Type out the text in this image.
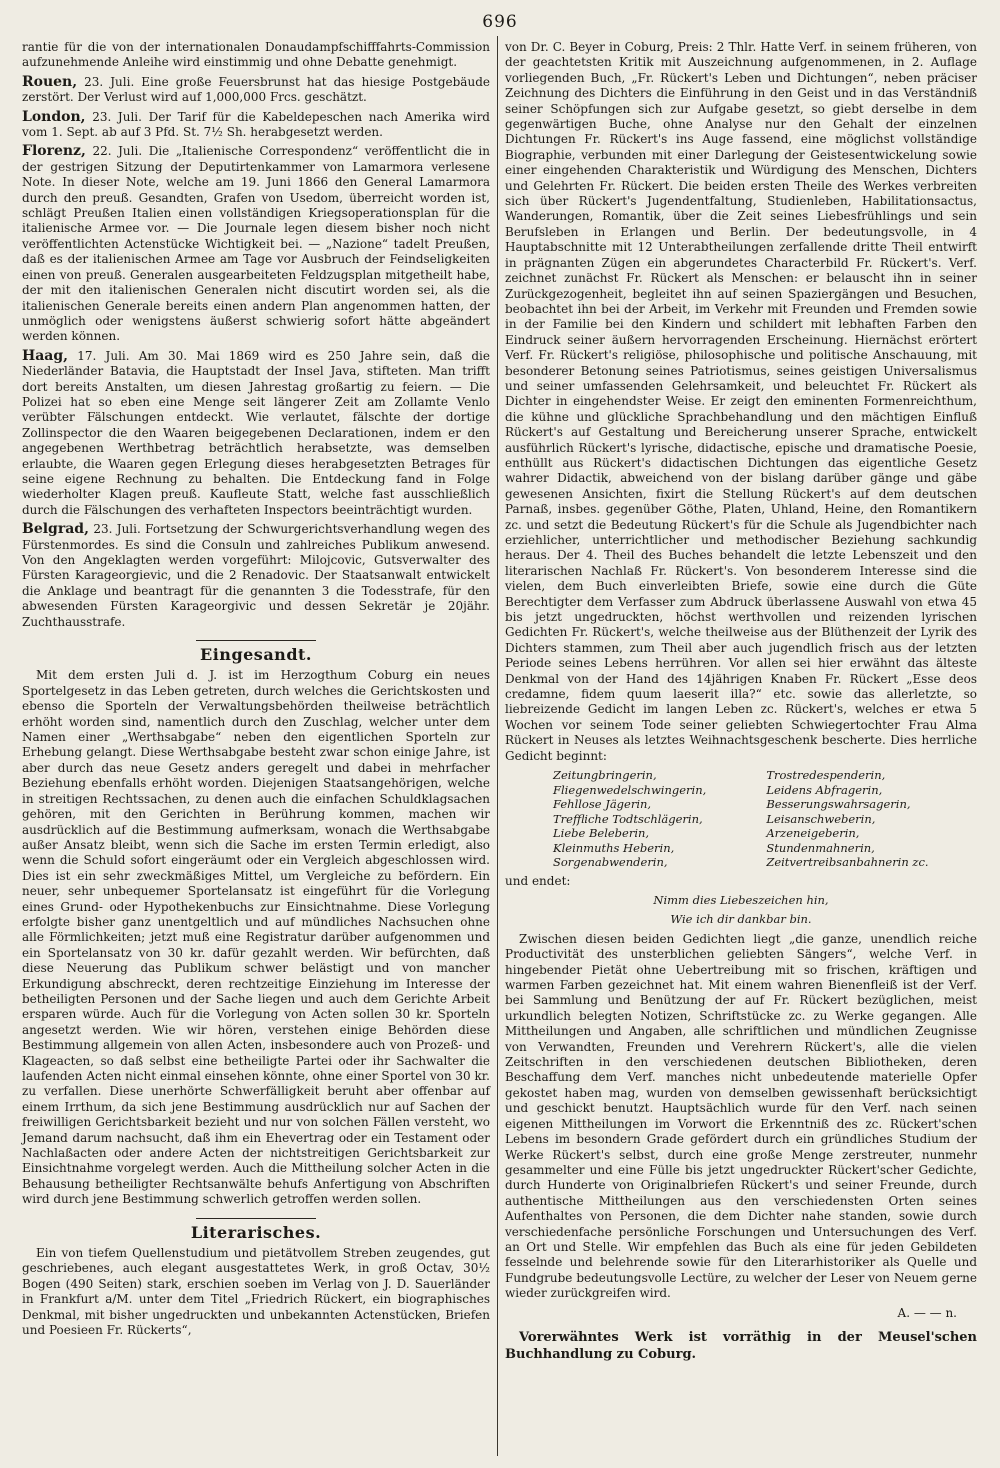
696

rantie für die von der internationalen Donaudampfschifffahrts-Commission aufzunehmende Anleihe wird einstimmig und ohne Debatte genehmigt.

Rouen, 23. Juli. Eine große Feuersbrunst hat das hiesige Postgebäude zerstört. Der Verlust wird auf 1,000,000 Frcs. geschätzt.

London, 23. Juli. Der Tarif für die Kabeldepeschen nach Amerika wird vom 1. Sept. ab auf 3 Pfd. St. 7½ Sh. herabgesetzt werden.

Florenz, 22. Juli. Die „Italienische Correspondenz“ veröffentlicht die in der gestrigen Sitzung der Deputirtenkammer von Lamarmora verlesene Note. In dieser Note, welche am 19. Juni 1866 den General Lamarmora durch den preuß. Gesandten, Grafen von Usedom, überreicht worden ist, schlägt Preußen Italien einen vollständigen Kriegsoperationsplan für die italienische Armee vor. — Die Journale legen diesem bisher noch nicht veröffentlichten Actenstücke Wichtigkeit bei. — „Nazione“ tadelt Preußen, daß es der italienischen Armee am Tage vor Ausbruch der Feindseligkeiten einen von preuß. Generalen ausgearbeiteten Feldzugsplan mitgetheilt habe, der mit den italienischen Generalen nicht discutirt worden sei, als die italienischen Generale bereits einen andern Plan angenommen hatten, der unmöglich oder wenigstens äußerst schwierig sofort hätte abgeändert werden können.

Haag, 17. Juli. Am 30. Mai 1869 wird es 250 Jahre sein, daß die Niederländer Batavia, die Hauptstadt der Insel Java, stifteten. Man trifft dort bereits Anstalten, um diesen Jahrestag großartig zu feiern. — Die Polizei hat so eben eine Menge seit längerer Zeit am Zollamte Venlo verübter Fälschungen entdeckt. Wie verlautet, fälschte der dortige Zollinspector die den Waaren beigegebenen Declarationen, indem er den angegebenen Werthbetrag beträchtlich herabsetzte, was demselben erlaubte, die Waaren gegen Erlegung dieses herabgesetzten Betrages für seine eigene Rechnung zu behalten. Die Entdeckung fand in Folge wiederholter Klagen preuß. Kaufleute Statt, welche fast ausschließlich durch die Fälschungen des verhafteten Inspectors beeinträchtigt wurden.

Belgrad, 23. Juli. Fortsetzung der Schwurgerichtsverhandlung wegen des Fürstenmordes. Es sind die Consuln und zahlreiches Publikum anwesend. Von den Angeklagten werden vorgeführt: Milojcovic, Gutsverwalter des Fürsten Karageorgievic, und die 2 Renadovic. Der Staatsanwalt entwickelt die Anklage und beantragt für die genannten 3 die Todesstrafe, für den abwesenden Fürsten Karageorgivic und dessen Sekretär je 20jähr. Zuchthausstrafe.

Eingesandt.

Mit dem ersten Juli d. J. ist im Herzogthum Coburg ein neues Sportelgesetz in das Leben getreten, durch welches die Gerichtskosten und ebenso die Sporteln der Verwaltungsbehörden theilweise beträchtlich erhöht worden sind, namentlich durch den Zuschlag, welcher unter dem Namen einer „Werthsabgabe“ neben den eigentlichen Sporteln zur Erhebung gelangt. Diese Werthsabgabe besteht zwar schon einige Jahre, ist aber durch das neue Gesetz anders geregelt und dabei in mehrfacher Beziehung ebenfalls erhöht worden. Diejenigen Staatsangehörigen, welche in streitigen Rechtssachen, zu denen auch die einfachen Schuldklagsachen gehören, mit den Gerichten in Berührung kommen, machen wir ausdrücklich auf die Bestimmung aufmerksam, wonach die Werthsabgabe außer Ansatz bleibt, wenn sich die Sache im ersten Termin erledigt, also wenn die Schuld sofort eingeräumt oder ein Vergleich abgeschlossen wird. Dies ist ein sehr zweckmäßiges Mittel, um Vergleiche zu befördern. Ein neuer, sehr unbequemer Sportelansatz ist eingeführt für die Vorlegung eines Grund- oder Hypothekenbuchs zur Einsichtnahme. Diese Vorlegung erfolgte bisher ganz unentgeltlich und auf mündliches Nachsuchen ohne alle Förmlichkeiten; jetzt muß eine Registratur darüber aufgenommen und ein Sportelansatz von 30 kr. dafür gezahlt werden. Wir befürchten, daß diese Neuerung das Publikum schwer belästigt und von mancher Erkundigung abschreckt, deren rechtzeitige Einziehung im Interesse der betheiligten Personen und der Sache liegen und auch dem Gerichte Arbeit ersparen würde. Auch für die Vorlegung von Acten sollen 30 kr. Sporteln angesetzt werden. Wie wir hören, verstehen einige Behörden diese Bestimmung allgemein von allen Acten, insbesondere auch von Prozeß- und Klageacten, so daß selbst eine betheiligte Partei oder ihr Sachwalter die laufenden Acten nicht einmal einsehen könnte, ohne einer Sportel von 30 kr. zu verfallen. Diese unerhörte Schwerfälligkeit beruht aber offenbar auf einem Irrthum, da sich jene Bestimmung ausdrücklich nur auf Sachen der freiwilligen Gerichtsbarkeit bezieht und nur von solchen Fällen versteht, wo Jemand darum nachsucht, daß ihm ein Ehevertrag oder ein Testament oder Nachlaßacten oder andere Acten der nichtstreitigen Gerichtsbarkeit zur Einsichtnahme vorgelegt werden. Auch die Mittheilung solcher Acten in die Behausung betheiligter Rechtsanwälte behufs Anfertigung von Abschriften wird durch jene Bestimmung schwerlich getroffen werden sollen.

Literarisches.

Ein von tiefem Quellenstudium und pietätvollem Streben zeugendes, gut geschriebenes, auch elegant ausgestattetes Werk, in groß Octav, 30½ Bogen (490 Seiten) stark, erschien soeben im Verlag von J. D. Sauerländer in Frankfurt a/M. unter dem Titel „Friedrich Rückert, ein biographisches Denkmal, mit bisher ungedruckten und unbekannten Actenstücken, Briefen und Poesieen Fr. Rückerts“,

von Dr. C. Beyer in Coburg, Preis: 2 Thlr. Hatte Verf. in seinem früheren, von der geachtetsten Kritik mit Auszeichnung aufgenommenen, in 2. Auflage vorliegenden Buch, „Fr. Rückert's Leben und Dichtungen“, neben präciser Zeichnung des Dichters die Einführung in den Geist und in das Verständniß seiner Schöpfungen sich zur Aufgabe gesetzt, so giebt derselbe in dem gegenwärtigen Buche, ohne Analyse nur den Gehalt der einzelnen Dichtungen Fr. Rückert's ins Auge fassend, eine möglichst vollständige Biographie, verbunden mit einer Darlegung der Geistesentwickelung sowie einer eingehenden Charakteristik und Würdigung des Menschen, Dichters und Gelehrten Fr. Rückert. Die beiden ersten Theile des Werkes verbreiten sich über Rückert's Jugendentfaltung, Studienleben, Habilitationsactus, Wanderungen, Romantik, über die Zeit seines Liebesfrühlings und sein Berufsleben in Erlangen und Berlin. Der bedeutungsvolle, in 4 Hauptabschnitte mit 12 Unterabtheilungen zerfallende dritte Theil entwirft in prägnanten Zügen ein abgerundetes Characterbild Fr. Rückert's. Verf. zeichnet zunächst Fr. Rückert als Menschen: er belauscht ihn in seiner Zurückgezogenheit, begleitet ihn auf seinen Spaziergängen und Besuchen, beobachtet ihn bei der Arbeit, im Verkehr mit Freunden und Fremden sowie in der Familie bei den Kindern und schildert mit lebhaften Farben den Eindruck seiner äußern hervorragenden Erscheinung. Hiernächst erörtert Verf. Fr. Rückert's religiöse, philosophische und politische Anschauung, mit besonderer Betonung seines Patriotismus, seines geistigen Universalismus und seiner umfassenden Gelehrsamkeit, und beleuchtet Fr. Rückert als Dichter in eingehendster Weise. Er zeigt den eminenten Formenreichthum, die kühne und glückliche Sprachbehandlung und den mächtigen Einfluß Rückert's auf Gestaltung und Bereicherung unserer Sprache, entwickelt ausführlich Rückert's lyrische, didactische, epische und dramatische Poesie, enthüllt aus Rückert's didactischen Dichtungen das eigentliche Gesetz wahrer Didactik, abweichend von der bislang darüber gänge und gäbe gewesenen Ansichten, fixirt die Stellung Rückert's auf dem deutschen Parnaß, insbes. gegenüber Göthe, Platen, Uhland, Heine, den Romantikern zc. und setzt die Bedeutung Rückert's für die Schule als Jugendbichter nach erziehlicher, unterrichtlicher und methodischer Beziehung sachkundig heraus. Der 4. Theil des Buches behandelt die letzte Lebenszeit und den literarischen Nachlaß Fr. Rückert's. Von besonderem Interesse sind die vielen, dem Buch einverleibten Briefe, sowie eine durch die Güte Berechtigter dem Verfasser zum Abdruck überlassene Auswahl von etwa 45 bis jetzt ungedruckten, höchst werthvollen und reizenden lyrischen Gedichten Fr. Rückert's, welche theilweise aus der Blüthenzeit der Lyrik des Dichters stammen, zum Theil aber auch jugendlich frisch aus der letzten Periode seines Lebens herrühren. Vor allen sei hier erwähnt das älteste Denkmal von der Hand des 14jährigen Knaben Fr. Rückert „Esse deos credamne, fidem quum laeserit illa?“ etc. sowie das allerletzte, so liebreizende Gedicht im langen Leben zc. Rückert's, welches er etwa 5 Wochen vor seinem Tode seiner geliebten Schwiegertochter Frau Alma Rückert in Neuses als letztes Weihnachtsgeschenk bescherte. Dies herrliche Gedicht beginnt:

Zeitungbringerin,	Trostredespenderin,
Fliegenwedelschwingerin,	Leidens Abfragerin,
Fehllose Jägerin,	Besserungswahrsagerin,
Treffliche Todtschlägerin,	Leisanschweberin,
Liebe Beleberin,	Arzeneigeberin,
Kleinmuths Heberin,	Stundenmahnerin,
Sorgenabwenderin,	Zeitvertreibsanbahnerin zc.

und endet:

Nimm dies Liebeszeichen hin,
Wie ich dir dankbar bin.

Zwischen diesen beiden Gedichten liegt „die ganze, unendlich reiche Productivität des unsterblichen geliebten Sängers“, welche Verf. in hingebender Pietät ohne Uebertreibung mit so frischen, kräftigen und warmen Farben gezeichnet hat. Mit einem wahren Bienenfleiß ist der Verf. bei Sammlung und Benützung der auf Fr. Rückert bezüglichen, meist urkundlich belegten Notizen, Schriftstücke zc. zu Werke gegangen. Alle Mittheilungen und Angaben, alle schriftlichen und mündlichen Zeugnisse von Verwandten, Freunden und Verehrern Rückert's, alle die vielen Zeitschriften in den verschiedenen deutschen Bibliotheken, deren Beschaffung dem Verf. manches nicht unbedeutende materielle Opfer gekostet haben mag, wurden von demselben gewissenhaft berücksichtigt und geschickt benutzt. Hauptsächlich wurde für den Verf. nach seinen eigenen Mittheilungen im Vorwort die Erkenntniß des zc. Rückert'schen Lebens im besondern Grade gefördert durch ein gründliches Studium der Werke Rückert's selbst, durch eine große Menge zerstreuter, nunmehr gesammelter und eine Fülle bis jetzt ungedruckter Rückert'scher Gedichte, durch Hunderte von Originalbriefen Rückert's und seiner Freunde, durch authentische Mittheilungen aus den verschiedensten Orten seines Aufenthaltes von Personen, die dem Dichter nahe standen, sowie durch verschiedenfache persönliche Forschungen und Untersuchungen des Verf. an Ort und Stelle. Wir empfehlen das Buch als eine für jeden Gebildeten fesselnde und belehrende sowie für den Literarhistoriker als Quelle und Fundgrube bedeutungsvolle Lectüre, zu welcher der Leser von Neuem gerne wieder zurückgreifen wird.

A. — — n.
Vorerwähntes Werk ist vorräthig in der Meusel'schen Buchhandlung zu Coburg.
